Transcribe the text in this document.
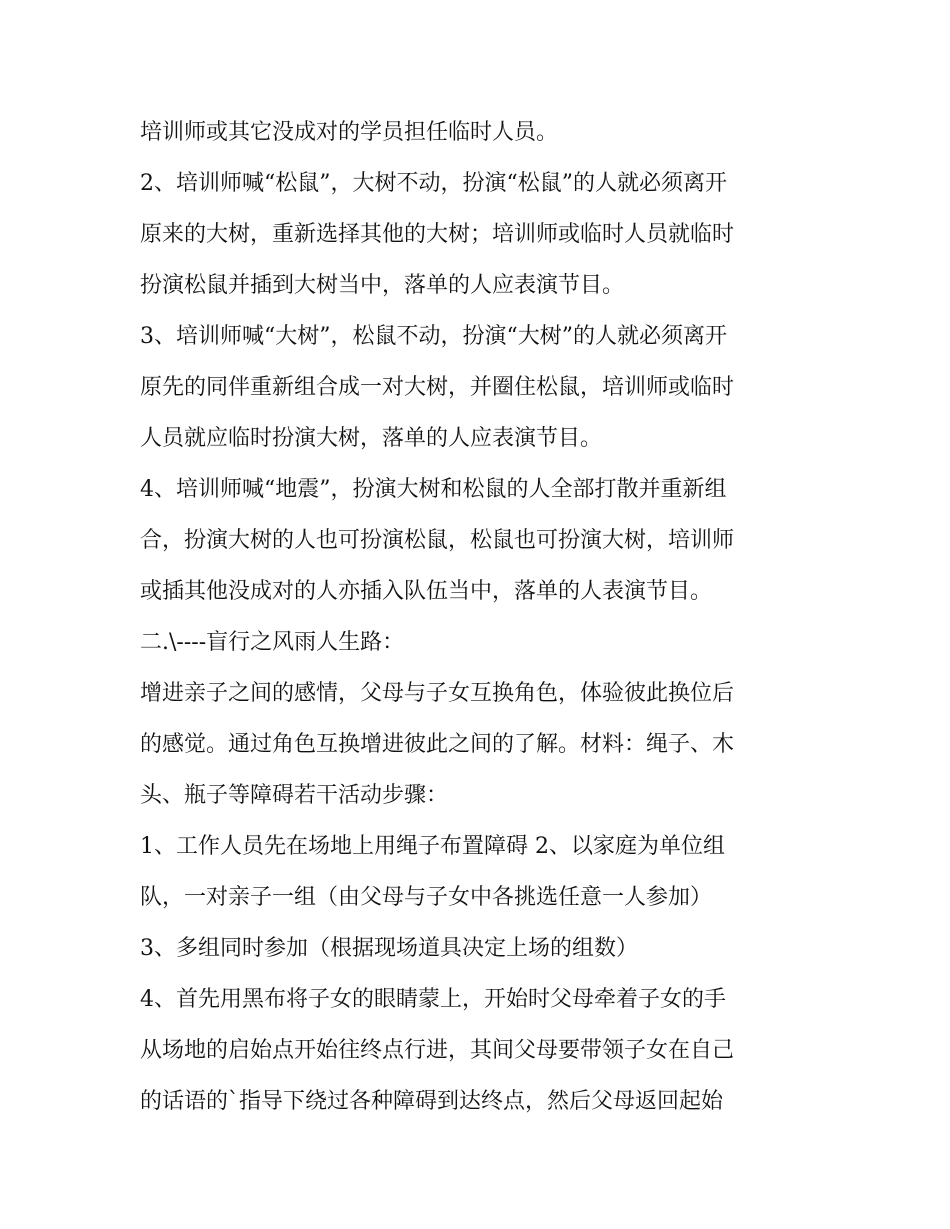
培训师或其它没成对的学员担任临时人员。
2、培训师喊“松鼠”，大树不动，扮演“松鼠”的人就必须离开
原来的大树，重新选择其他的大树；培训师或临时人员就临时
扮演松鼠并插到大树当中，落单的人应表演节目。
3、培训师喊“大树”，松鼠不动，扮演“大树”的人就必须离开
原先的同伴重新组合成一对大树，并圈住松鼠，培训师或临时
人员就应临时扮演大树，落单的人应表演节目。
4、培训师喊“地震”，扮演大树和松鼠的人全部打散并重新组
合，扮演大树的人也可扮演松鼠，松鼠也可扮演大树，培训师
或插其他没成对的人亦插入队伍当中，落单的人表演节目。
二.\----盲行之风雨人生路：
增进亲子之间的感情，父母与子女互换角色，体验彼此换位后
的感觉。通过角色互换增进彼此之间的了解。材料：绳子、木
头、瓶子等障碍若干活动步骤：
1、工作人员先在场地上用绳子布置障碍 2、以家庭为单位组
队，一对亲子一组（由父母与子女中各挑选任意一人参加）
3、多组同时参加（根据现场道具决定上场的组数）
4、首先用黑布将子女的眼睛蒙上，开始时父母牵着子女的手
从场地的启始点开始往终点行进，其间父母要带领子女在自己
的话语的`指导下绕过各种障碍到达终点，然后父母返回起始
